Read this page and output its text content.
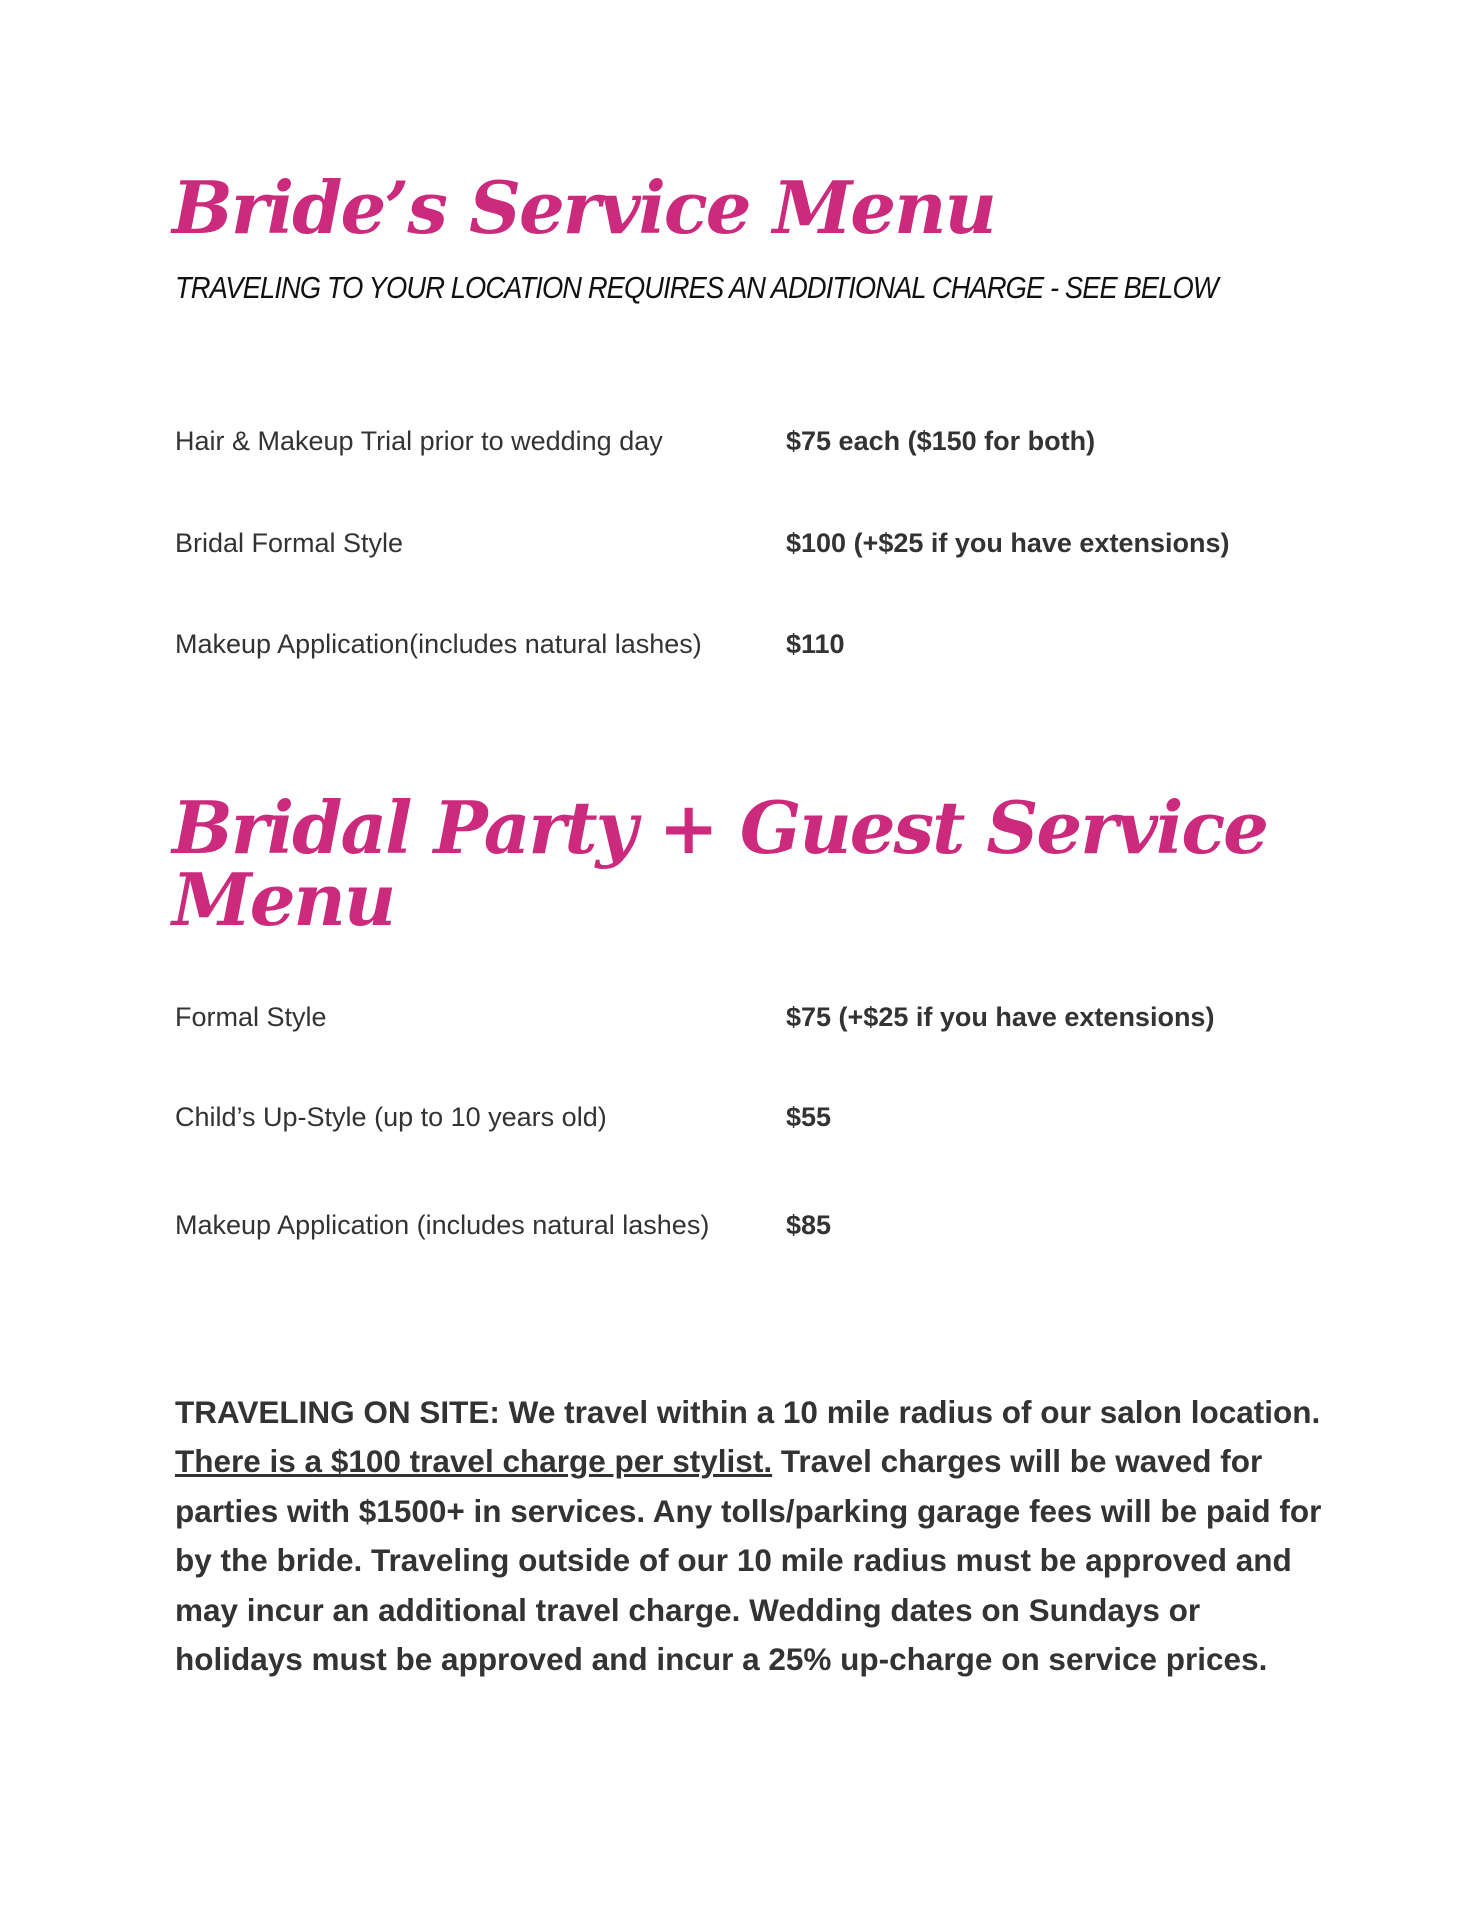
Bride’s Service Menu

TRAVELING TO YOUR LOCATION REQUIRES AN ADDITIONAL CHARGE - SEE BELOW

Hair & Makeup Trial prior to wedding day	$75 each ($150 for both)
Bridal Formal Style	$100 (+$25 if you have extensions)
Makeup Application(includes natural lashes)	$110
Bridal Party + Guest Service Menu
Formal Style	$75 (+$25 if you have extensions)
Child’s Up-Style (up to 10 years old)	$55
Makeup Application (includes natural lashes)	$85

TRAVELING ON SITE: We travel within a 10 mile radius of our salon location. There is a $100 travel charge per stylist. Travel charges will be waved for parties with $1500+ in services. Any tolls/parking garage fees will be paid for by the bride. Traveling outside of our 10 mile radius must be approved and may incur an additional travel charge. Wedding dates on Sundays or holidays must be approved and incur a 25% up-charge on service prices.
